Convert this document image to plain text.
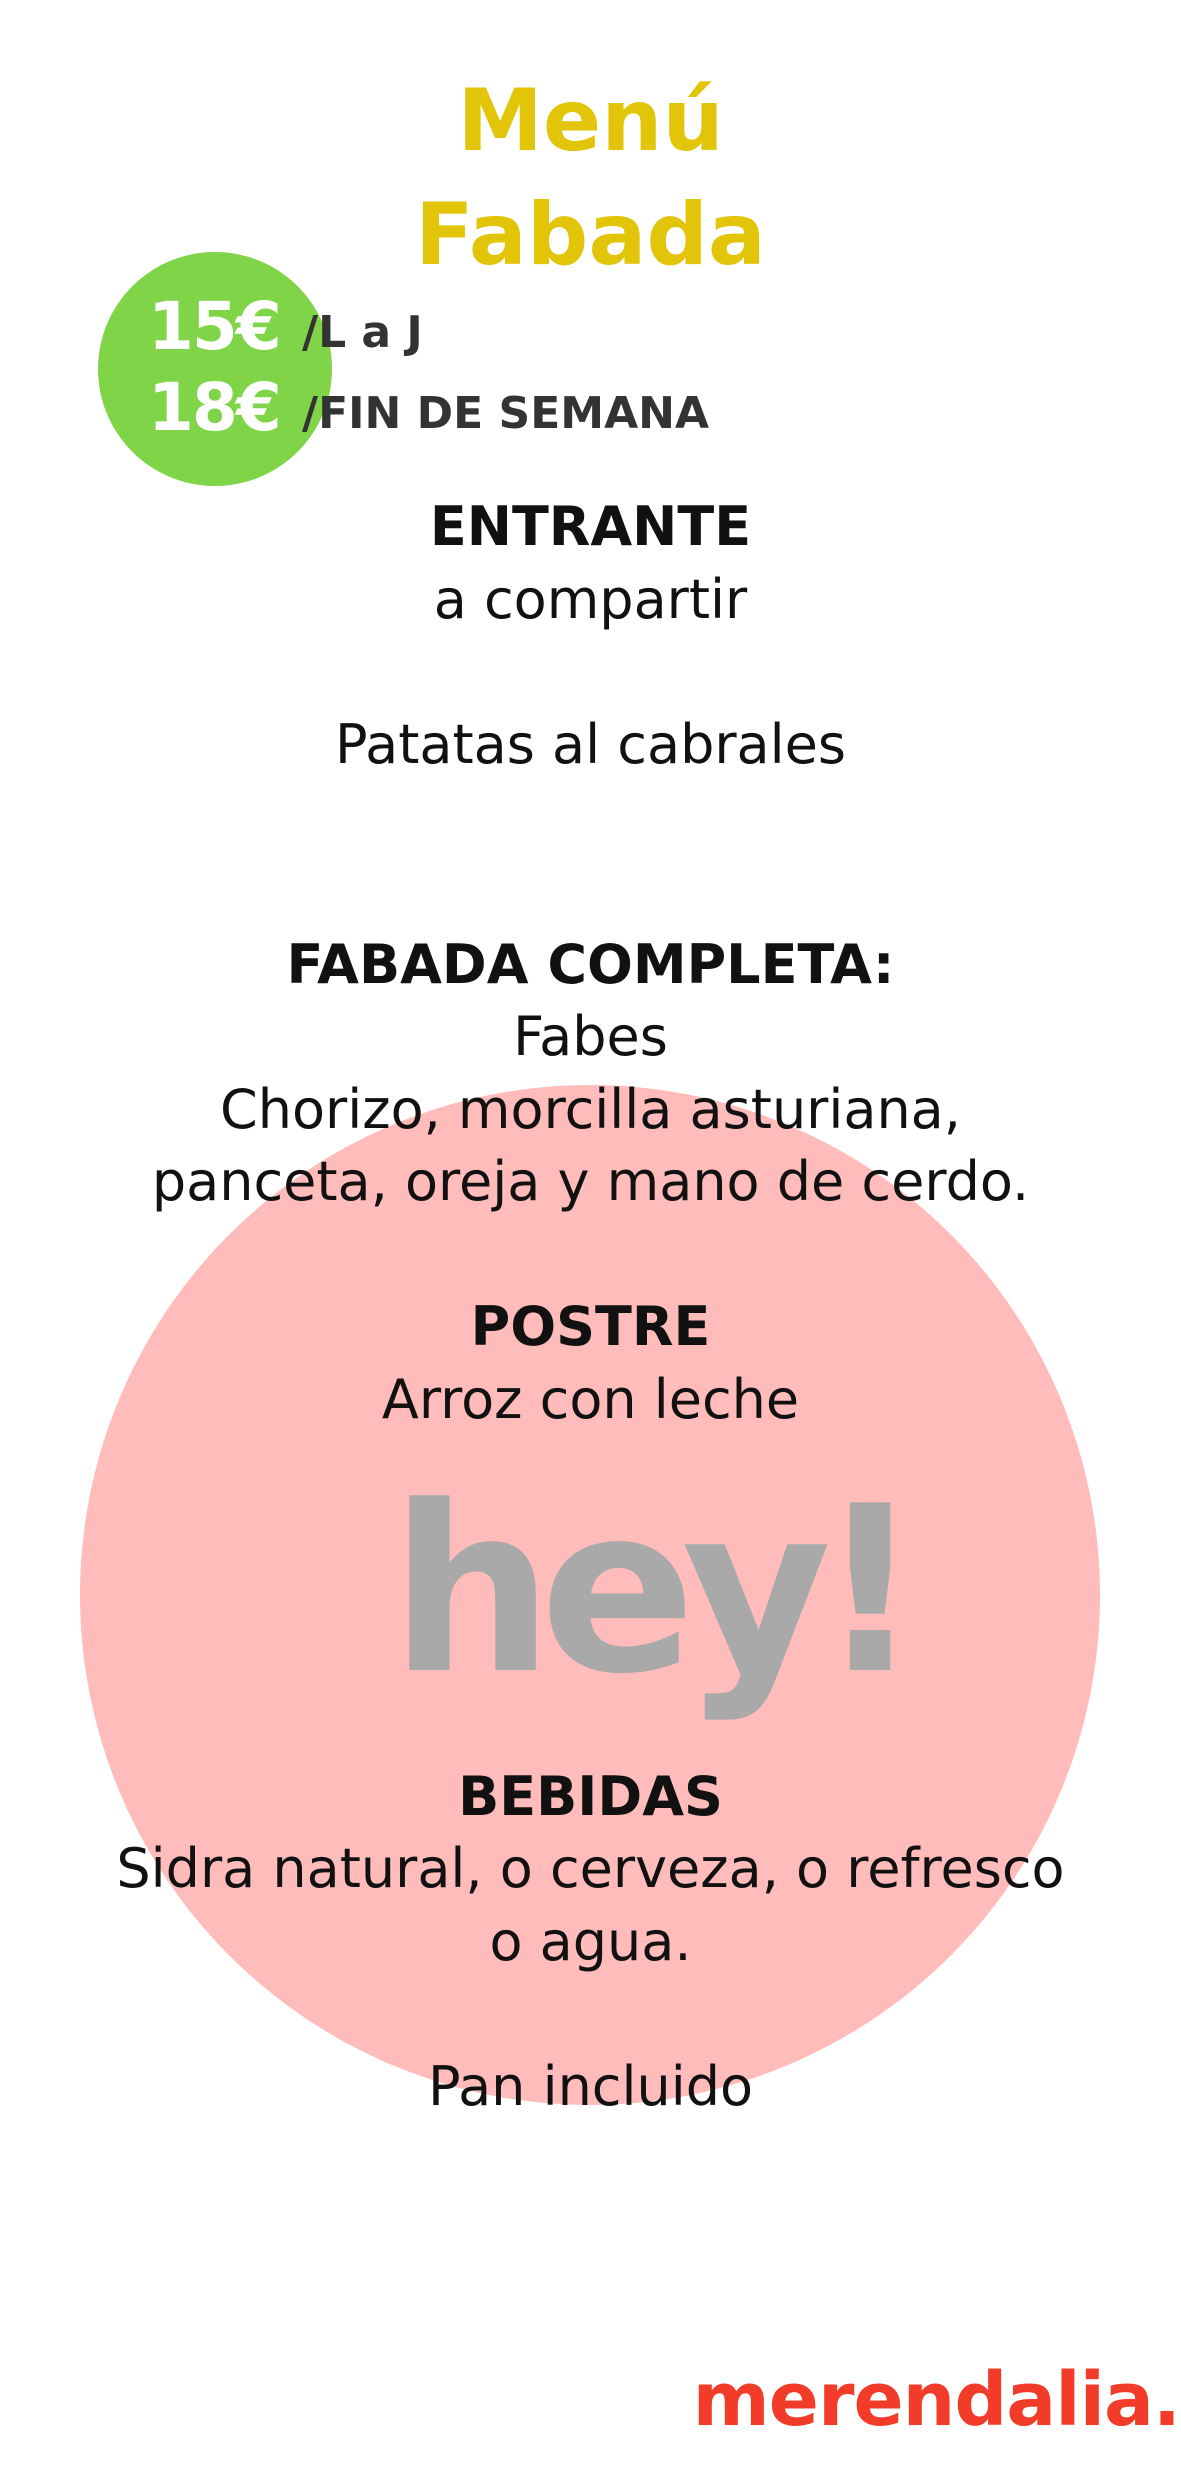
hey!
Menú
Fabada
15€ /L a J
18€ /FIN DE SEMANA
ENTRANTE
a compartir
Patatas al cabrales
FABADA COMPLETA:
Fabes
Chorizo, morcilla asturiana,
panceta, oreja y mano de cerdo.
POSTRE
Arroz con leche
BEBIDAS
Sidra natural, o cerveza, o refresco
o agua.
Pan incluido
merendalia.
